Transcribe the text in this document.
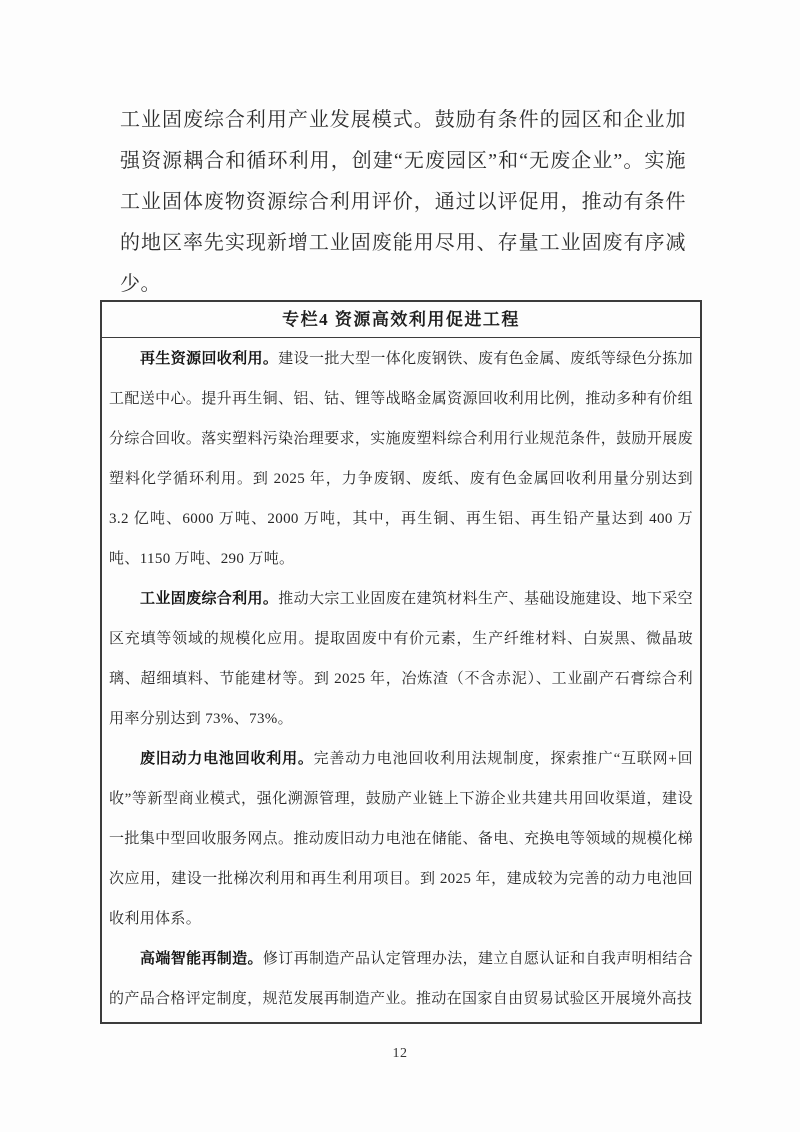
工业固废综合利用产业发展模式。鼓励有条件的园区和企业加强资源耦合和循环利用，创建“无废园区”和“无废企业”。实施工业固体废物资源综合利用评价，通过以评促用，推动有条件的地区率先实现新增工业固废能用尽用、存量工业固废有序减少。

专栏4 资源高效利用促进工程

再生资源回收利用。建设一批大型一体化废钢铁、废有色金属、废纸等绿色分拣加工配送中心。提升再生铜、铝、钴、锂等战略金属资源回收利用比例，推动多种有价组分综合回收。落实塑料污染治理要求，实施废塑料综合利用行业规范条件，鼓励开展废塑料化学循环利用。到 2025 年，力争废钢、废纸、废有色金属回收利用量分别达到 3.2 亿吨、6000 万吨、2000 万吨，其中，再生铜、再生铝、再生铅产量达到 400 万吨、1150 万吨、290 万吨。

工业固废综合利用。推动大宗工业固废在建筑材料生产、基础设施建设、地下采空区充填等领域的规模化应用。提取固废中有价元素，生产纤维材料、白炭黑、微晶玻璃、超细填料、节能建材等。到 2025 年，冶炼渣（不含赤泥）、工业副产石膏综合利用率分别达到 73%、73%。

废旧动力电池回收利用。完善动力电池回收利用法规制度，探索推广“互联网+回收”等新型商业模式，强化溯源管理，鼓励产业链上下游企业共建共用回收渠道，建设一批集中型回收服务网点。推动废旧动力电池在储能、备电、充换电等领域的规模化梯次应用，建设一批梯次利用和再生利用项目。到 2025 年，建成较为完善的动力电池回收利用体系。

高端智能再制造。修订再制造产品认定管理办法，建立自愿认证和自我声明相结合的产品合格评定制度，规范发展再制造产业。推动在国家自由贸易试验区开展境外高技

12
